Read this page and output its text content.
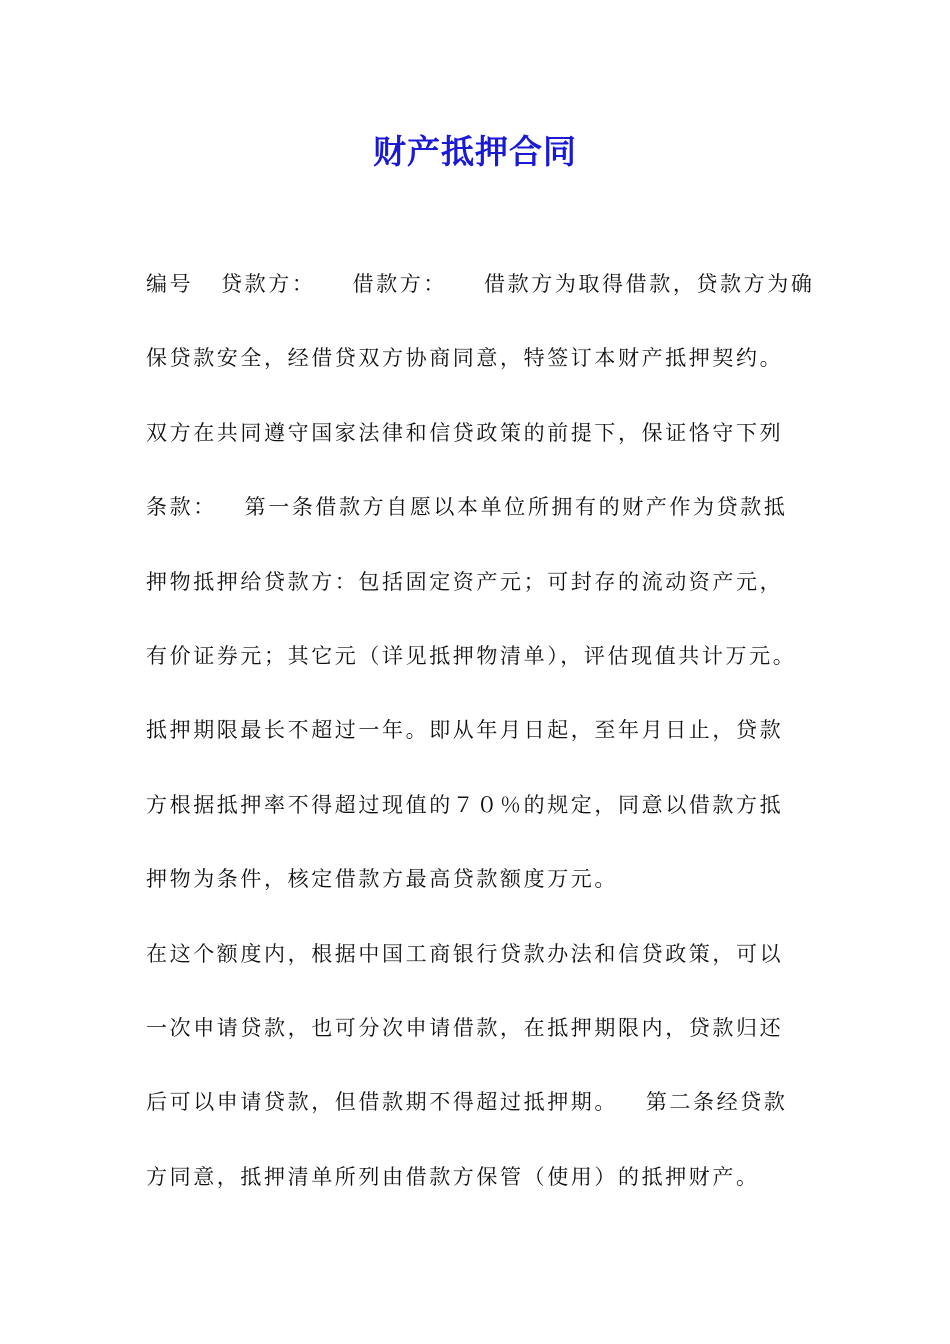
财产抵押合同
编号   贷款方：    借款方：    借款方为取得借款，贷款方为确
保贷款安全，经借贷双方协商同意，特签订本财产抵押契约。
双方在共同遵守国家法律和信贷政策的前提下，保证恪守下列
条款：   第一条借款方自愿以本单位所拥有的财产作为贷款抵
押物抵押给贷款方：包括固定资产元；可封存的流动资产元，
有价证券元；其它元（详见抵押物清单），评估现值共计万元。
抵押期限最长不超过一年。即从年月日起，至年月日止，贷款
方根据抵押率不得超过现值的７０％的规定，同意以借款方抵
押物为条件，核定借款方最高贷款额度万元。
在这个额度内，根据中国工商银行贷款办法和信贷政策，可以
一次申请贷款，也可分次申请借款，在抵押期限内，贷款归还
后可以申请贷款，但借款期不得超过抵押期。   第二条经贷款
方同意，抵押清单所列由借款方保管（使用）的抵押财产。
